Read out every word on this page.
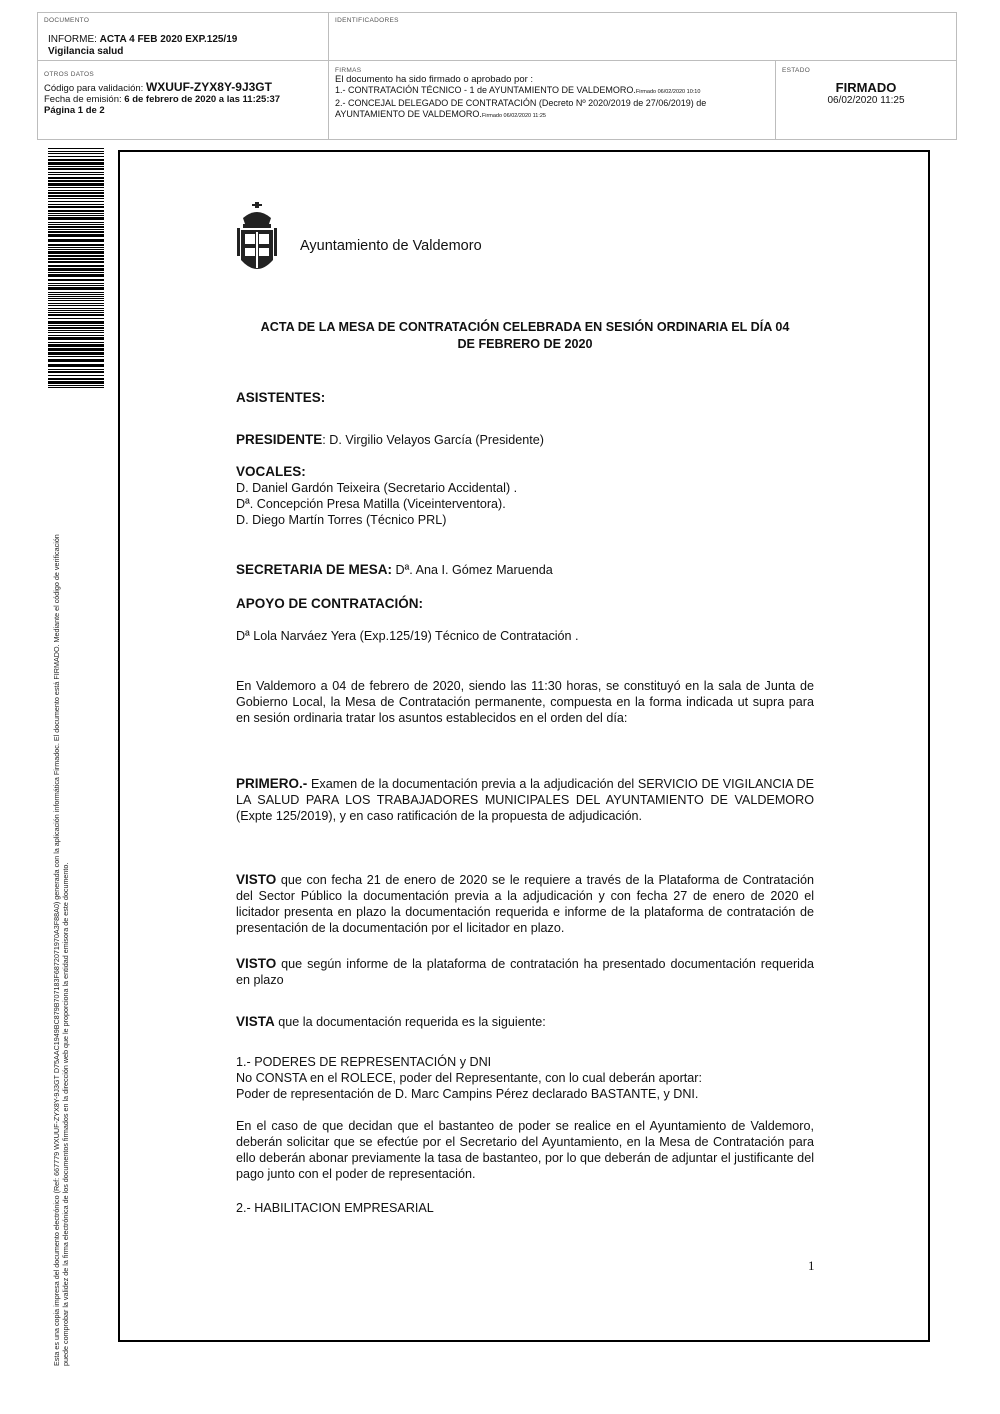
DOCUMENTO
INFORME: ACTA 4 FEB 2020 EXP.125/19
Vigilancia salud
IDENTIFICADORES
OTROS DATOS
Código para validación: WXUUF-ZYX8Y-9J3GT
Fecha de emisión: 6 de febrero de 2020 a las 11:25:37
Página 1 de 2
FIRMAS
El documento ha sido firmado o aprobado por :
1.- CONTRATACIÓN TÉCNICO - 1 de AYUNTAMIENTO DE VALDEMORO.Firmado 06/02/2020 10:10
2.- CONCEJAL DELEGADO DE CONTRATACIÓN (Decreto Nº 2020/2019 de 27/06/2019) de
AYUNTAMIENTO DE VALDEMORO.Firmado 06/02/2020 11:25
ESTADO
FIRMADO
06/02/2020 11:25
Esta es una copia impresa del documento electrónico (Ref: 667779 WXUUF-ZYX8Y-9J3GT D75AAC1949BC879B707183F6872071970A3F88A0) generada con la aplicación informática Firmadoc. El documento está FIRMADO. Mediante el código de verificación puede comprobar la validez de la firma electrónica de los documentos firmados en la dirección web que le proporciona la entidad emisora de este documento.
Ayuntamiento de Valdemoro
ACTA DE LA MESA DE CONTRATACIÓN CELEBRADA EN SESIÓN ORDINARIA EL DÍA 04
DE FEBRERO DE 2020
ASISTENTES:
PRESIDENTE: D. Virgilio Velayos García (Presidente)
VOCALES:
D. Daniel Gardón Teixeira (Secretario Accidental) .
Dª. Concepción Presa Matilla (Viceinterventora).
D. Diego Martín Torres (Técnico PRL)
SECRETARIA DE MESA: Dª. Ana I. Gómez Maruenda
APOYO DE CONTRATACIÓN:
Dª Lola Narváez Yera (Exp.125/19) Técnico de Contratación .
En Valdemoro a 04 de febrero de 2020, siendo las 11:30 horas, se constituyó en la sala de Junta de Gobierno Local, la Mesa de Contratación permanente, compuesta en la forma indicada ut supra para en sesión ordinaria tratar los asuntos establecidos en el orden del día:
PRIMERO.- Examen de la documentación previa a la adjudicación del SERVICIO DE VIGILANCIA DE LA SALUD PARA LOS TRABAJADORES MUNICIPALES DEL AYUNTAMIENTO DE VALDEMORO (Expte 125/2019), y en caso ratificación de la propuesta de adjudicación.
VISTO que con fecha 21 de enero de 2020 se le requiere a través de la Plataforma de Contratación del Sector Público la documentación previa a la adjudicación y con fecha 27 de enero de 2020 el licitador presenta en plazo la documentación requerida e informe de la plataforma de contratación de presentación de la documentación por el licitador en plazo.
VISTO que según informe de la plataforma de contratación ha presentado documentación requerida en plazo
VISTA que la documentación requerida es la siguiente:
1.- PODERES DE REPRESENTACIÓN y DNI
No CONSTA en el ROLECE, poder del Representante, con lo cual deberán aportar:
Poder de representación de D. Marc Campins Pérez declarado BASTANTE, y DNI.
En el caso de que decidan que el bastanteo de poder se realice en el Ayuntamiento de Valdemoro, deberán solicitar que se efectúe por el Secretario del Ayuntamiento, en la Mesa de Contratación para ello deberán abonar previamente la tasa de bastanteo, por lo que deberán de adjuntar el justificante del pago junto con el poder de representación.
2.- HABILITACION EMPRESARIAL
1
